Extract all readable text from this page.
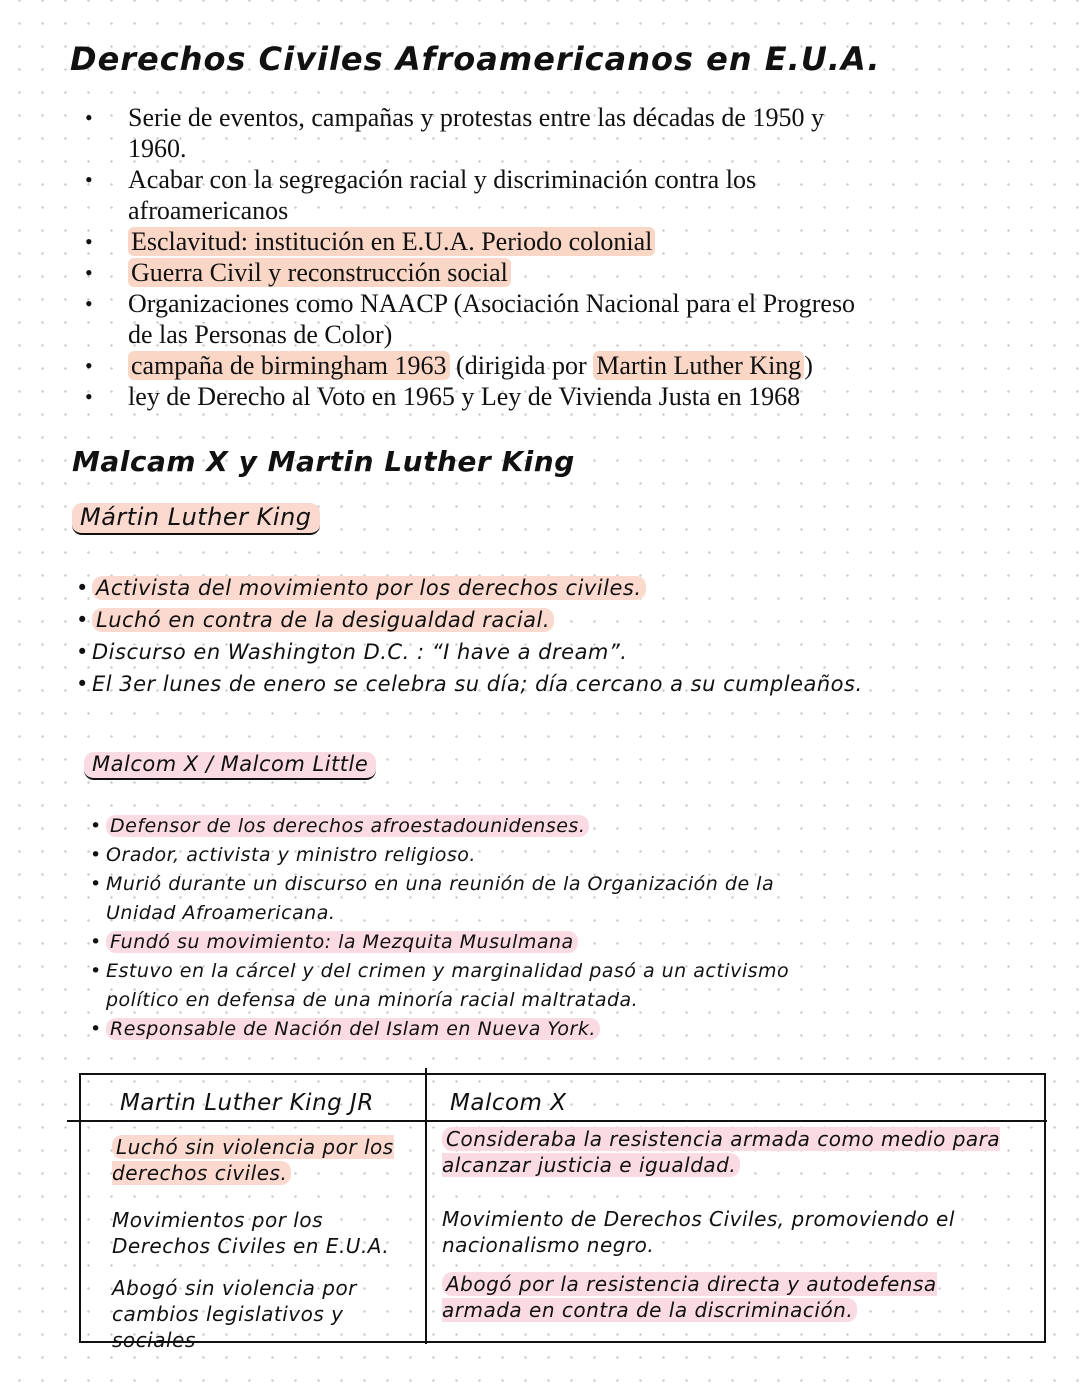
Derechos Civiles Afroamericanos en E.U.A.
• Serie de eventos, campañas y protestas entre las décadas de 1950 y 1960.
• Acabar con la segregación racial y discriminación contra los afroamericanos
• Esclavitud: institución en E.U.A. Periodo colonial
• Guerra Civil y reconstrucción social
• Organizaciones como NAACP (Asociación Nacional para el Progreso de las Personas de Color)
• campaña de birmingham 1963 (dirigida por Martin Luther King )
• ley de Derecho al Voto en 1965 y Ley de Vivienda Justa en 1968
Malcam X y Martin Luther King
Mártin Luther King
• Activista del movimiento por los derechos civiles.
• Luchó en contra de la desigualdad racial.
• Discurso en Washington D.C. : “I have a dream”.
• El 3er lunes de enero se celebra su día; día cercano a su cumpleaños.
Malcom X / Malcom Little
• Defensor de los derechos afroestadounidenses.
• Orador, activista y ministro religioso.
• Murió durante un discurso en una reunión de la Organización de la Unidad Afroamericana.
• Fundó su movimiento: la Mezquita Musulmana
• Estuvo en la cárcel y del crimen y marginalidad pasó a un activismo político en defensa de una minoría racial maltratada.
• Responsable de Nación del Islam en Nueva York.
Martin Luther King JR	Malcom X
Luchó sin violencia por los derechos civiles.
Movimientos por los Derechos Civiles en E.U.A.
Abogó sin violencia por cambios legislativos y sociales
Consideraba la resistencia armada como medio para alcanzar justicia e igualdad.
Movimiento de Derechos Civiles, promoviendo el nacionalismo negro.
Abogó por la resistencia directa y autodefensa armada en contra de la discriminación.
